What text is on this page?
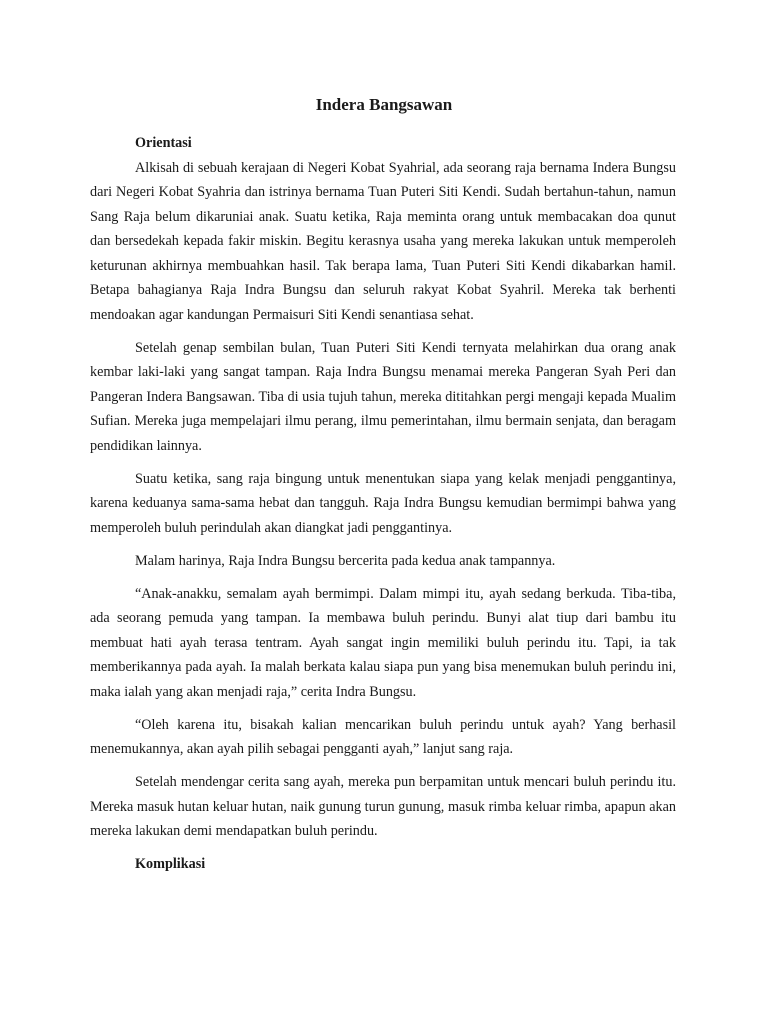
Indera Bangsawan
Orientasi

Alkisah di sebuah kerajaan di Negeri Kobat Syahrial, ada seorang raja bernama Indera Bungsu dari Negeri Kobat Syahria dan istrinya bernama Tuan Puteri Siti Kendi. Sudah bertahun-tahun, namun Sang Raja belum dikaruniai anak. Suatu ketika, Raja meminta orang untuk membacakan doa qunut dan bersedekah kepada fakir miskin. Begitu kerasnya usaha yang mereka lakukan untuk memperoleh keturunan akhirnya membuahkan hasil. Tak berapa lama, Tuan Puteri Siti Kendi dikabarkan hamil. Betapa bahagianya Raja Indra Bungsu dan seluruh rakyat Kobat Syahril. Mereka tak berhenti mendoakan agar kandungan Permaisuri Siti Kendi senantiasa sehat.

Setelah genap sembilan bulan, Tuan Puteri Siti Kendi ternyata melahirkan dua orang anak kembar laki-laki yang sangat tampan. Raja Indra Bungsu menamai mereka Pangeran Syah Peri dan Pangeran Indera Bangsawan. Tiba di usia tujuh tahun, mereka dititahkan pergi mengaji kepada Mualim Sufian. Mereka juga mempelajari ilmu perang, ilmu pemerintahan, ilmu bermain senjata, dan beragam pendidikan lainnya.

Suatu ketika, sang raja bingung untuk menentukan siapa yang kelak menjadi penggantinya, karena keduanya sama-sama hebat dan tangguh. Raja Indra Bungsu kemudian bermimpi bahwa yang memperoleh buluh perindulah akan diangkat jadi penggantinya.

Malam harinya, Raja Indra Bungsu bercerita pada kedua anak tampannya.

“Anak-anakku, semalam ayah bermimpi. Dalam mimpi itu, ayah sedang berkuda. Tiba-tiba, ada seorang pemuda yang tampan. Ia membawa buluh perindu. Bunyi alat tiup dari bambu itu membuat hati ayah terasa tentram. Ayah sangat ingin memiliki buluh perindu itu. Tapi, ia tak memberikannya pada ayah. Ia malah berkata kalau siapa pun yang bisa menemukan buluh perindu ini, maka ialah yang akan menjadi raja,” cerita Indra Bungsu.

“Oleh karena itu, bisakah kalian mencarikan buluh perindu untuk ayah? Yang berhasil menemukannya, akan ayah pilih sebagai pengganti ayah,” lanjut sang raja.

Setelah mendengar cerita sang ayah, mereka pun berpamitan untuk mencari buluh perindu itu. Mereka masuk hutan keluar hutan, naik gunung turun gunung, masuk rimba keluar rimba, apapun akan mereka lakukan demi mendapatkan buluh perindu.

Komplikasi
